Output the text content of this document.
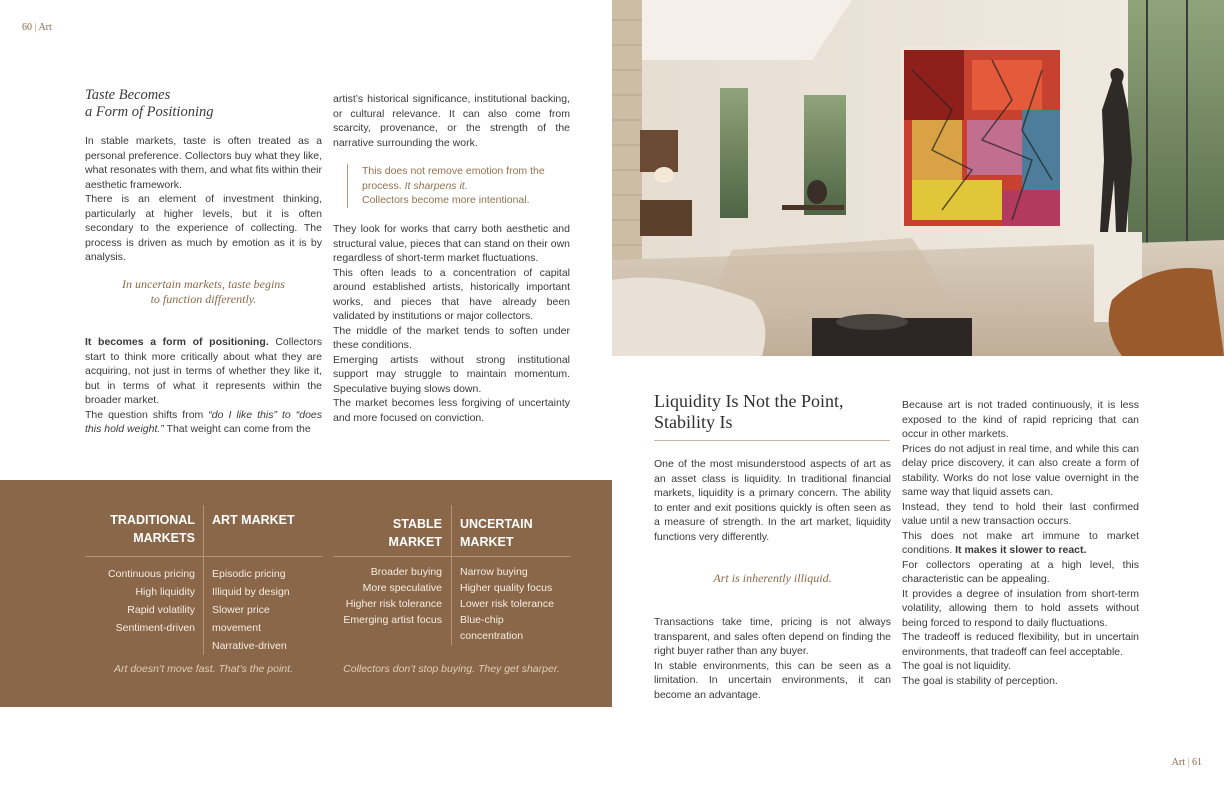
60 | Art
Taste Becomes
a Form of Positioning

In stable markets, taste is often treated as a personal preference. Collectors buy what they like, what resonates with them, and what fits within their aesthetic framework.

There is an element of investment thinking, particularly at higher levels, but it is often secondary to the experience of collecting. The process is driven as much by emotion as it is by analysis.

In uncertain markets, taste begins
to function differently.

It becomes a form of positioning. Collectors start to think more critically about what they are acquiring, not just in terms of whether they like it, but in terms of what it represents within the broader market.

The question shifts from “do I like this” to “does this hold weight.” That weight can come from the

artist’s historical significance, institutional backing, or cultural relevance. It can also come from scarcity, provenance, or the strength of the narrative surrounding the work.

This does not remove emotion from the
process. It sharpens it.
Collectors become more intentional.

They look for works that carry both aesthetic and structural value, pieces that can stand on their own regardless of short-term market fluctuations.

This often leads to a concentration of capital around established artists, historically important works, and pieces that have already been validated by institutions or major collectors.

The middle of the market tends to soften under these conditions.

Emerging artists without strong institutional support may struggle to maintain momentum. Speculative buying slows down.

The market becomes less forgiving of uncertainty and more focused on conviction.

TRADITIONAL
MARKETS
ART MARKET
Continuous pricing
High liquidity
Rapid volatility
Sentiment-driven
Episodic pricing
Illiquid by design
Slower price
movement
Narrative-driven
Art doesn’t move fast. That’s the point.
STABLE
MARKET
UNCERTAIN
MARKET
Broader buying
More speculative
Higher risk tolerance
Emerging artist focus
Narrow buying
Higher quality focus
Lower risk tolerance
Blue-chip
concentration
Collectors don’t stop buying. They get sharper.
Liquidity Is Not the Point,
Stability Is

One of the most misunderstood aspects of art as an asset class is liquidity. In traditional financial markets, liquidity is a primary concern. The ability to enter and exit positions quickly is often seen as a measure of strength. In the art market, liquidity functions very differently.

Art is inherently illiquid.

Transactions take time, pricing is not always transparent, and sales often depend on finding the right buyer rather than any buyer.

In stable environments, this can be seen as a limitation. In uncertain environments, it can become an advantage.

Because art is not traded continuously, it is less exposed to the kind of rapid repricing that can occur in other markets.

Prices do not adjust in real time, and while this can delay price discovery, it can also create a form of stability. Works do not lose value overnight in the same way that liquid assets can.

Instead, they tend to hold their last confirmed value until a new transaction occurs.

This does not make art immune to market conditions. It makes it slower to react.

For collectors operating at a high level, this characteristic can be appealing.

It provides a degree of insulation from short-term volatility, allowing them to hold assets without being forced to respond to daily fluctuations.

The tradeoff is reduced flexibility, but in uncertain environments, that tradeoff can feel acceptable.

The goal is not liquidity.

The goal is stability of perception.

Art | 61
